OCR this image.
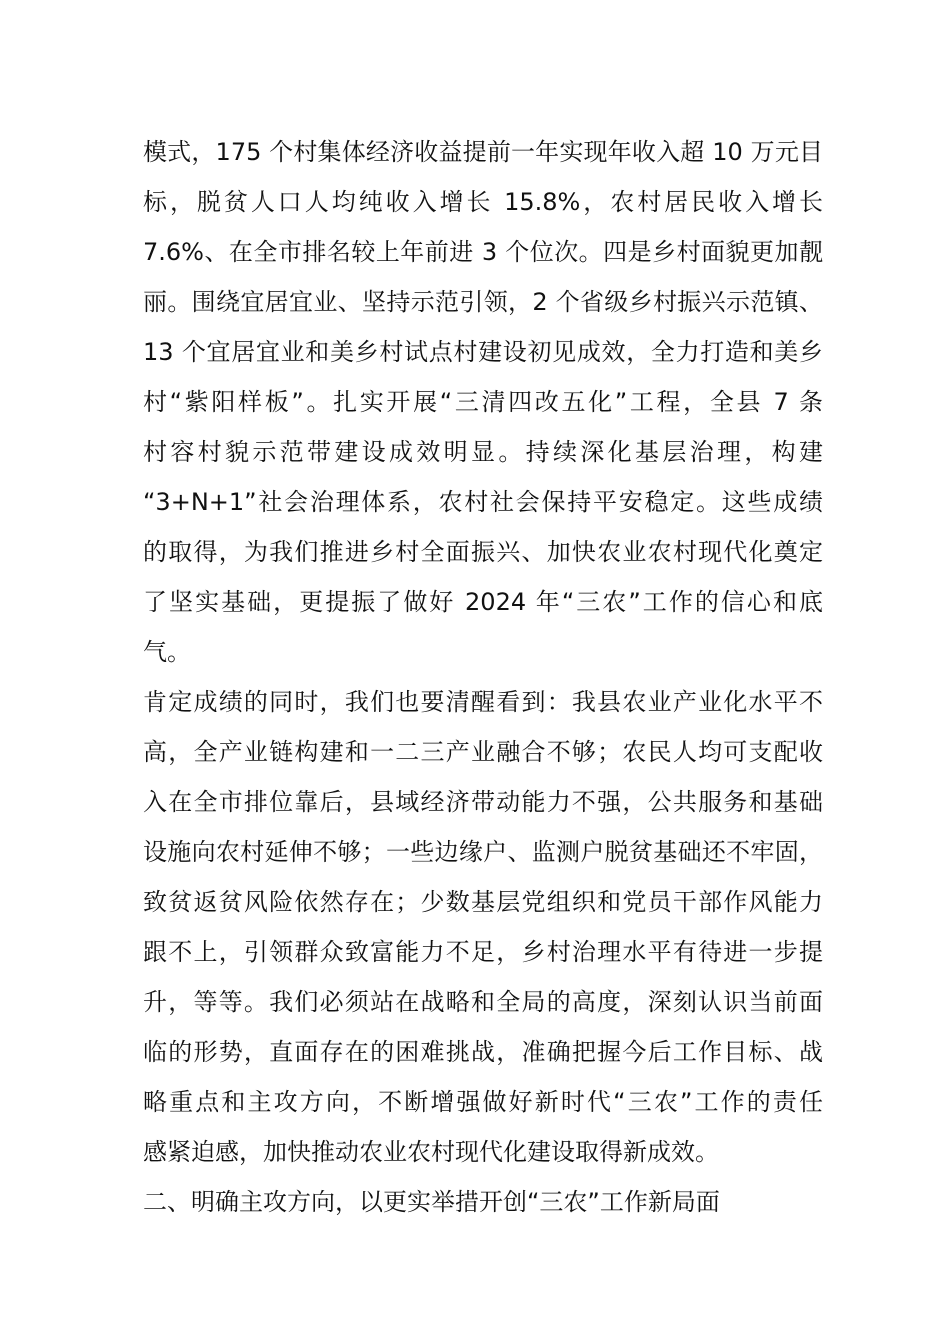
模式，175 个村集体经济收益提前一年实现年收入超 10 万元目
标，脱贫人口人均纯收入增长 15.8%，农村居民收入增长
7.6%、在全市排名较上年前进 3 个位次。四是乡村面貌更加靓
丽。围绕宜居宜业、坚持示范引领，2 个省级乡村振兴示范镇、
13 个宜居宜业和美乡村试点村建设初见成效，全力打造和美乡
村“紫阳样板”。扎实开展“三清四改五化”工程，全县 7 条
村容村貌示范带建设成效明显。持续深化基层治理，构建
“3+N+1”社会治理体系，农村社会保持平安稳定。这些成绩
的取得，为我们推进乡村全面振兴、加快农业农村现代化奠定
了坚实基础，更提振了做好 2024 年“三农”工作的信心和底
气。
肯定成绩的同时，我们也要清醒看到：我县农业产业化水平不
高，全产业链构建和一二三产业融合不够；农民人均可支配收
入在全市排位靠后，县域经济带动能力不强，公共服务和基础
设施向农村延伸不够；一些边缘户、监测户脱贫基础还不牢固，
致贫返贫风险依然存在；少数基层党组织和党员干部作风能力
跟不上，引领群众致富能力不足，乡村治理水平有待进一步提
升，等等。我们必须站在战略和全局的高度，深刻认识当前面
临的形势，直面存在的困难挑战，准确把握今后工作目标、战
略重点和主攻方向，不断增强做好新时代“三农”工作的责任
感紧迫感，加快推动农业农村现代化建设取得新成效。
二、明确主攻方向，以更实举措开创“三农”工作新局面
